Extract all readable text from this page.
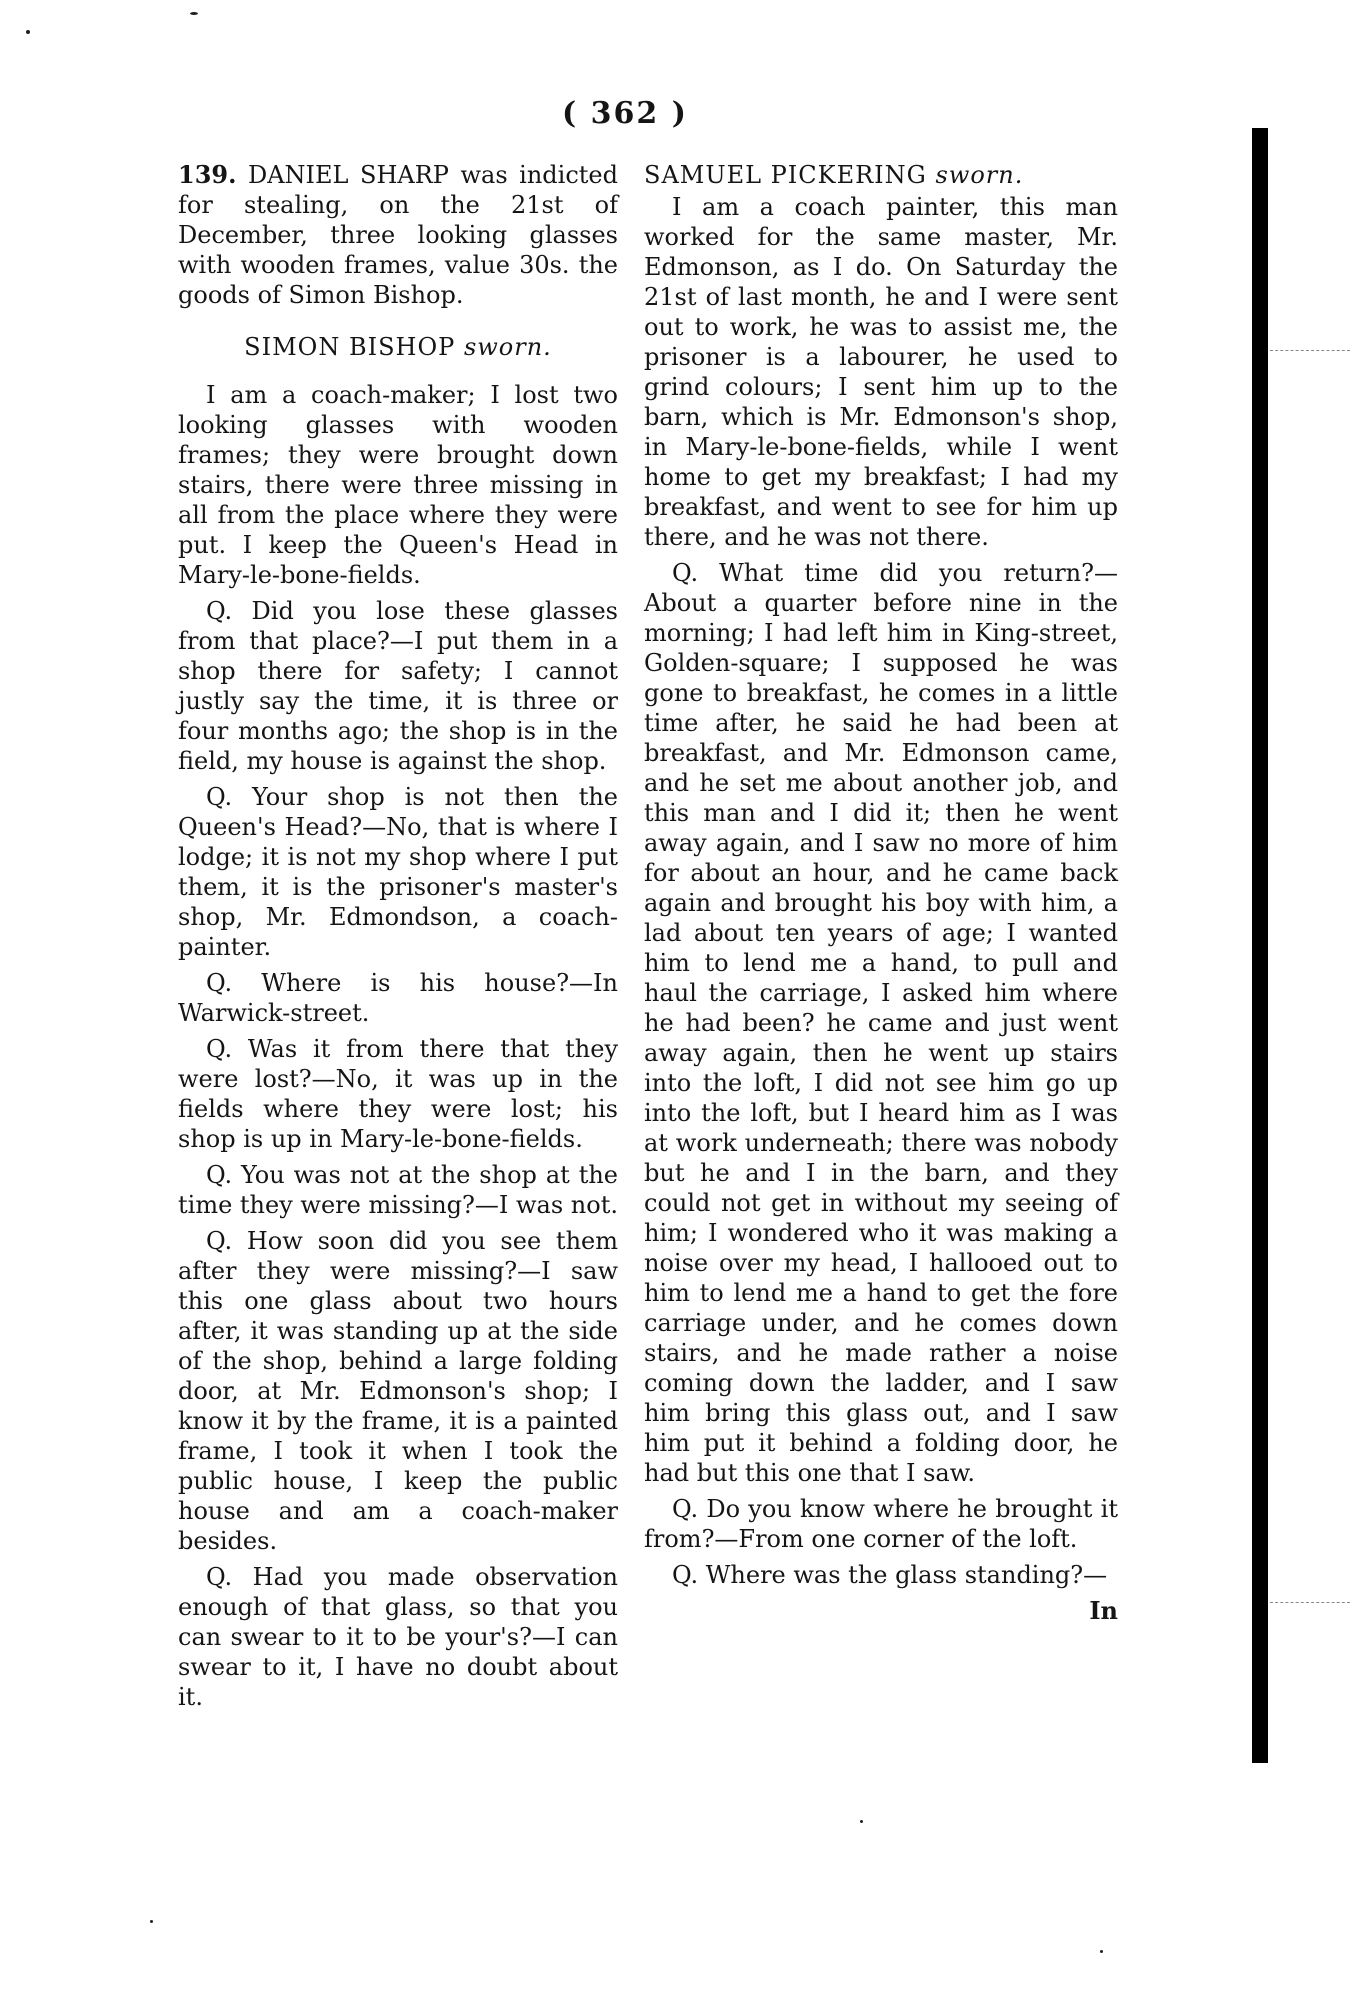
( 362 )

139. DANIEL SHARP was indicted for stealing, on the 21st of December, three looking glasses with wooden frames, value 30s. the goods of Simon Bishop.

SIMON BISHOP sworn.

I am a coach-maker; I lost two looking glasses with wooden frames; they were brought down stairs, there were three missing in all from the place where they were put. I keep the Queen's Head in Mary-le-bone-fields.

Q. Did you lose these glasses from that place?—I put them in a shop there for safety; I cannot justly say the time, it is three or four months ago; the shop is in the field, my house is against the shop.

Q. Your shop is not then the Queen's Head?—No, that is where I lodge; it is not my shop where I put them, it is the prisoner's master's shop, Mr. Edmondson, a coach-painter.

Q. Where is his house?—In Warwick-street.

Q. Was it from there that they were lost?—No, it was up in the fields where they were lost; his shop is up in Mary-le-bone-fields.

Q. You was not at the shop at the time they were missing?—I was not.

Q. How soon did you see them after they were missing?—I saw this one glass about two hours after, it was standing up at the side of the shop, behind a large folding door, at Mr. Edmonson's shop; I know it by the frame, it is a painted frame, I took it when I took the public house, I keep the public house and am a coach-maker besides.

Q. Had you made observation enough of that glass, so that you can swear to it to be your's?—I can swear to it, I have no doubt about it.

SAMUEL PICKERING sworn.

I am a coach painter, this man worked for the same master, Mr. Edmonson, as I do. On Saturday the 21st of last month, he and I were sent out to work, he was to assist me, the prisoner is a labourer, he used to grind colours; I sent him up to the barn, which is Mr. Edmonson's shop, in Mary-le-bone-fields, while I went home to get my breakfast; I had my breakfast, and went to see for him up there, and he was not there.

Q. What time did you return?—About a quarter before nine in the morning; I had left him in King-street, Golden-square; I supposed he was gone to breakfast, he comes in a little time after, he said he had been at breakfast, and Mr. Edmonson came, and he set me about another job, and this man and I did it; then he went away again, and I saw no more of him for about an hour, and he came back again and brought his boy with him, a lad about ten years of age; I wanted him to lend me a hand, to pull and haul the carriage, I asked him where he had been? he came and just went away again, then he went up stairs into the loft, I did not see him go up into the loft, but I heard him as I was at work underneath; there was nobody but he and I in the barn, and they could not get in without my seeing of him; I wondered who it was making a noise over my head, I hallooed out to him to lend me a hand to get the fore carriage under, and he comes down stairs, and he made rather a noise coming down the ladder, and I saw him bring this glass out, and I saw him put it behind a folding door, he had but this one that I saw.

Q. Do you know where he brought it from?—From one corner of the loft.

Q. Where was the glass standing?—

In
